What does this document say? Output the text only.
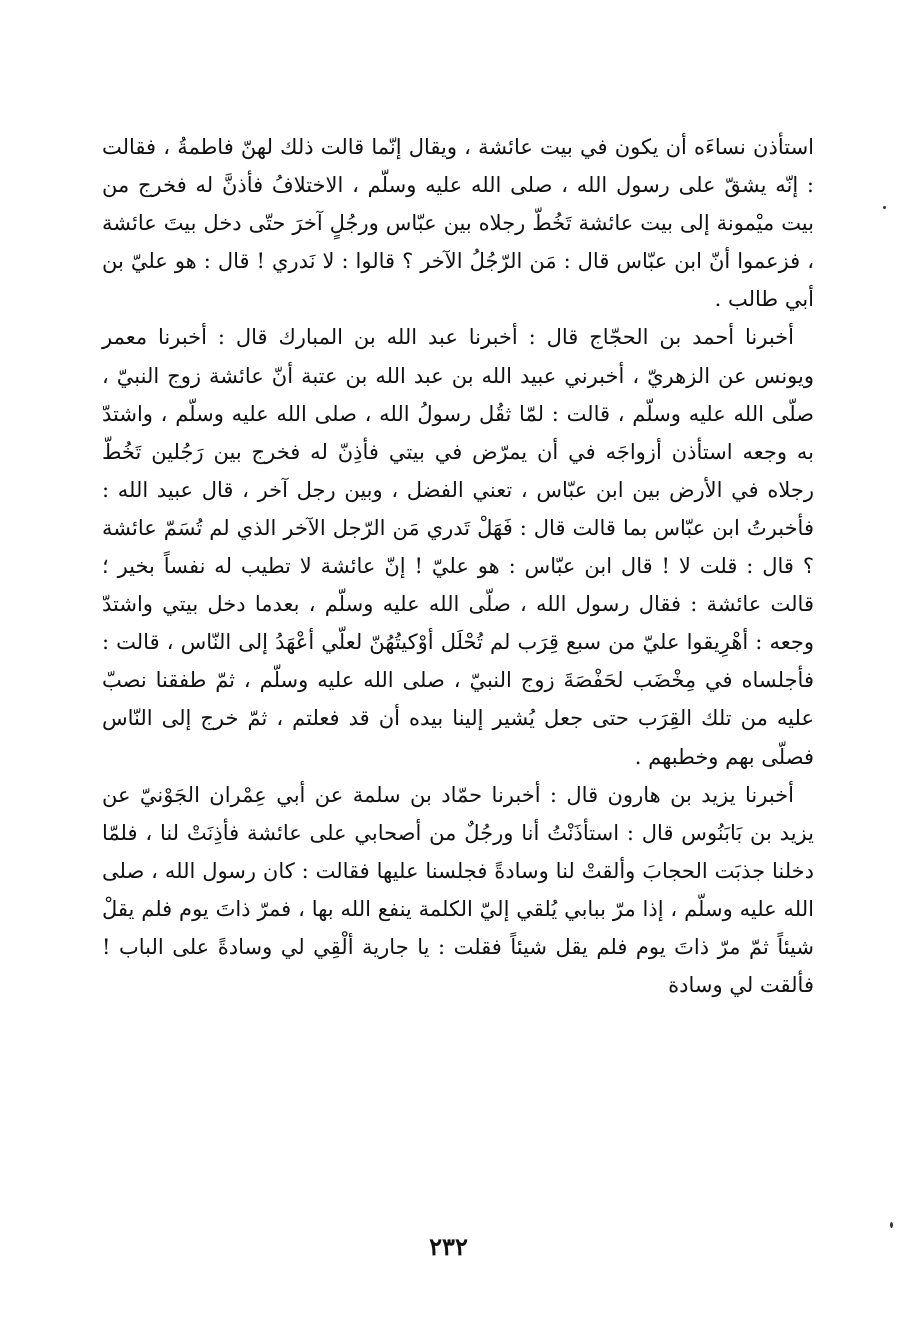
استأذن نساءَه أن يكون في بيت عائشة ، ويقال إنّما قالت ذلك لهنّ فاطمةُ ، فقالت : إنّه يشقّ على رسول الله ، صلى الله عليه وسلّم ، الاختلافُ فأذنَّ له فخرج من بيت ميْمونة إلى بيت عائشة تَخُطّ رجلاه بين عبّاس ورجُلٍ آخرَ حتّى دخل بيتَ عائشة ، فزعموا أنّ ابن عبّاس قال : مَن الرّجُلُ الآخر ؟ قالوا : لا نَدري ! قال : هو عليّ بن أبي طالب .

أخبرنا أحمد بن الحجّاج قال : أخبرنا عبد الله بن المبارك قال : أخبرنا معمر ويونس عن الزهريّ ، أخبرني عبيد الله بن عبد الله بن عتبة أنّ عائشة زوج النبيّ ، صلّى الله عليه وسلّم ، قالت : لمّا ثقُل رسولُ الله ، صلى الله عليه وسلّم ، واشتدّ به وجعه استأذن أزواجَه في أن يمرّض في بيتي فأذِنّ له فخرج بين رَجُلين تَخُطّ رجلاه في الأرض بين ابن عبّاس ، تعني الفضل ، وبين رجل آخر ، قال عبيد الله : فأخبرتُ ابن عبّاس بما قالت قال : فَهَلْ تَدري مَن الرّجل الآخر الذي لم تُسَمّ عائشة ؟ قال : قلت لا ! قال ابن عبّاس : هو عليّ ! إنّ عائشة لا تطيب له نفساً بخير ؛ قالت عائشة : فقال رسول الله ، صلّى الله عليه وسلّم ، بعدما دخل بيتي واشتدّ وجعه : أهْرِيقوا عليّ من سبع قِرَب لم تُحْلَل أوْكيتُهُنّ لعلّي أعْهَدُ إلى النّاس ، قالت : فأجلساه في مِخْضَب لحَفْصَةَ زوج النبيّ ، صلى الله عليه وسلّم ، ثمّ طفقنا نصبّ عليه من تلك القِرَب حتى جعل يُشير إلينا بيده أن قد فعلتم ، ثمّ خرج إلى النّاس فصلّى بهم وخطبهم .

أخبرنا يزيد بن هارون قال : أخبرنا حمّاد بن سلمة عن أبي عِمْران الجَوْنيّ عن يزيد بن بَابَنُوس قال : استأذَنْتُ أنا ورجُلٌ من أصحابي على عائشة فأذِنَتْ لنا ، فلمّا دخلنا جذبَت الحجابَ وألقتْ لنا وسادةً فجلسنا عليها فقالت : كان رسول الله ، صلى الله عليه وسلّم ، إذا مرّ ببابي يُلقي إليّ الكلمة ينفع الله بها ، فمرّ ذاتَ يوم فلم يقلْ شيئاً ثمّ مرّ ذاتَ يوم فلم يقل شيئاً فقلت : يا جارية ألْقِي لي وسادةً على الباب ! فألقت لي وسادة

٢٣٢
